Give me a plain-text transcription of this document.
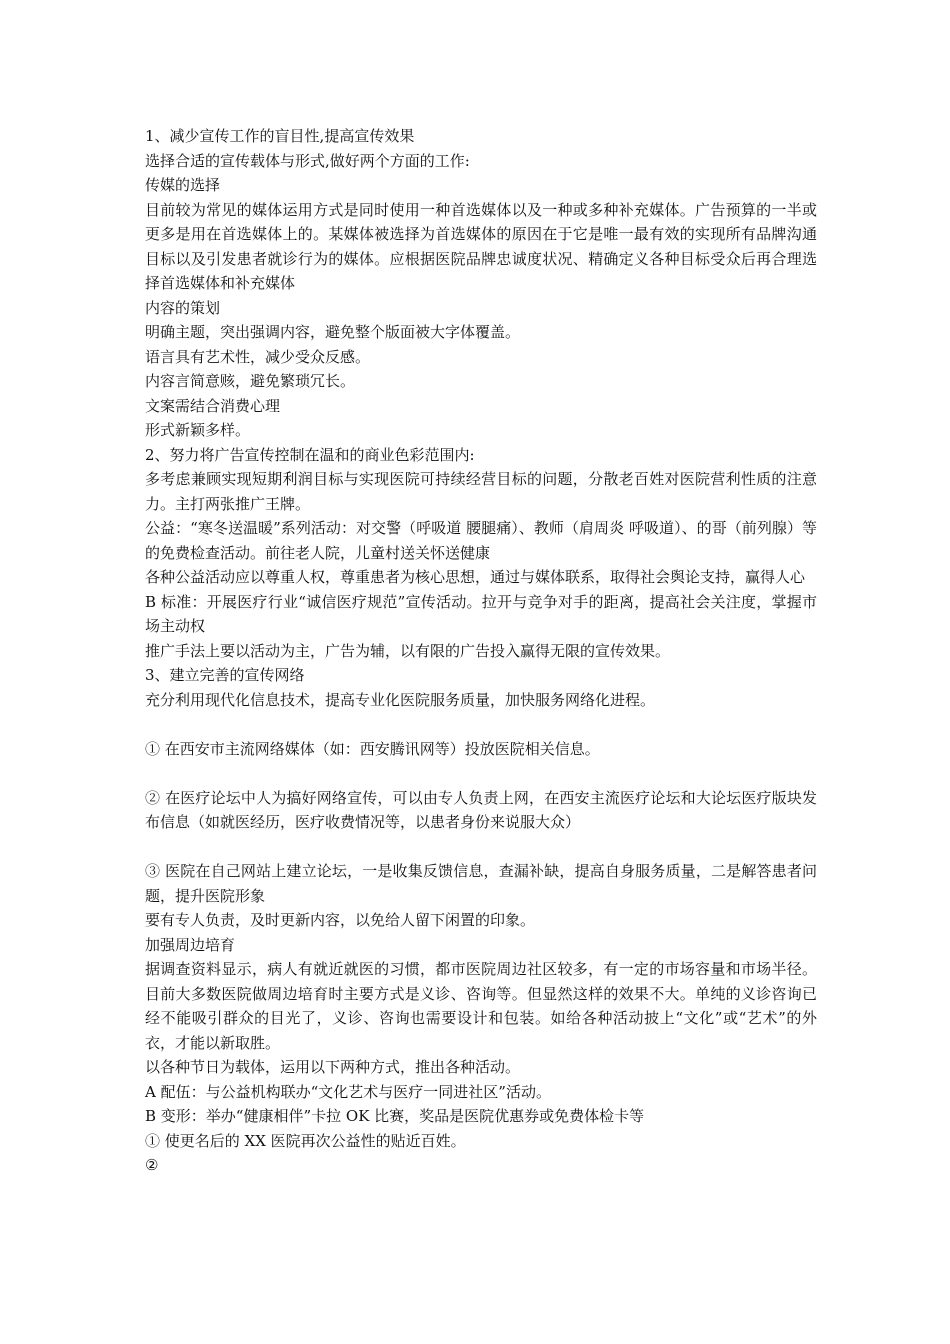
1、减少宣传工作的盲目性,提高宣传效果

选择合适的宣传载体与形式,做好两个方面的工作:

传媒的选择

目前较为常见的媒体运用方式是同时使用一种首选媒体以及一种或多种补充媒体。广告预算的一半或更多是用在首选媒体上的。某媒体被选择为首选媒体的原因在于它是唯一最有效的实现所有品牌沟通目标以及引发患者就诊行为的媒体。应根据医院品牌忠诚度状况、精确定义各种目标受众后再合理选择首选媒体和补充媒体

内容的策划

明确主题，突出强调内容，避免整个版面被大字体覆盖。

语言具有艺术性，减少受众反感。

内容言简意赅，避免繁琐冗长。

文案需结合消费心理

形式新颖多样。

2、努力将广告宣传控制在温和的商业色彩范围内:

多考虑兼顾实现短期利润目标与实现医院可持续经营目标的问题，分散老百姓对医院营利性质的注意力。主打两张推广王牌。

公益：“寒冬送温暖”系列活动：对交警（呼吸道 腰腿痛）、教师（肩周炎 呼吸道）、的哥（前列腺）等的免费检查活动。前往老人院，儿童村送关怀送健康

各种公益活动应以尊重人权，尊重患者为核心思想，通过与媒体联系，取得社会舆论支持，赢得人心

B 标准：开展医疗行业“诚信医疗规范”宣传活动。拉开与竞争对手的距离，提高社会关注度，掌握市场主动权

推广手法上要以活动为主，广告为辅，以有限的广告投入赢得无限的宣传效果。

3、建立完善的宣传网络

充分利用现代化信息技术，提高专业化医院服务质量，加快服务网络化进程。

① 在西安市主流网络媒体（如：西安腾讯网等）投放医院相关信息。

② 在医疗论坛中人为搞好网络宣传，可以由专人负责上网，在西安主流医疗论坛和大论坛医疗版块发布信息（如就医经历，医疗收费情况等，以患者身份来说服大众）

③ 医院在自己网站上建立论坛，一是收集反馈信息，查漏补缺，提高自身服务质量，二是解答患者问题，提升医院形象

要有专人负责，及时更新内容，以免给人留下闲置的印象。

加强周边培育

据调查资料显示，病人有就近就医的习惯，都市医院周边社区较多，有一定的市场容量和市场半径。目前大多数医院做周边培育时主要方式是义诊、咨询等。但显然这样的效果不大。单纯的义诊咨询已经不能吸引群众的目光了，义诊、咨询也需要设计和包装。如给各种活动披上“文化”或“艺术”的外衣，才能以新取胜。

以各种节日为载体，运用以下两种方式，推出各种活动。

A 配伍：与公益机构联办“文化艺术与医疗一同进社区”活动。

B 变形：举办“健康相伴”卡拉 OK 比赛，奖品是医院优惠券或免费体检卡等

① 使更名后的 XX 医院再次公益性的贴近百姓。

②
